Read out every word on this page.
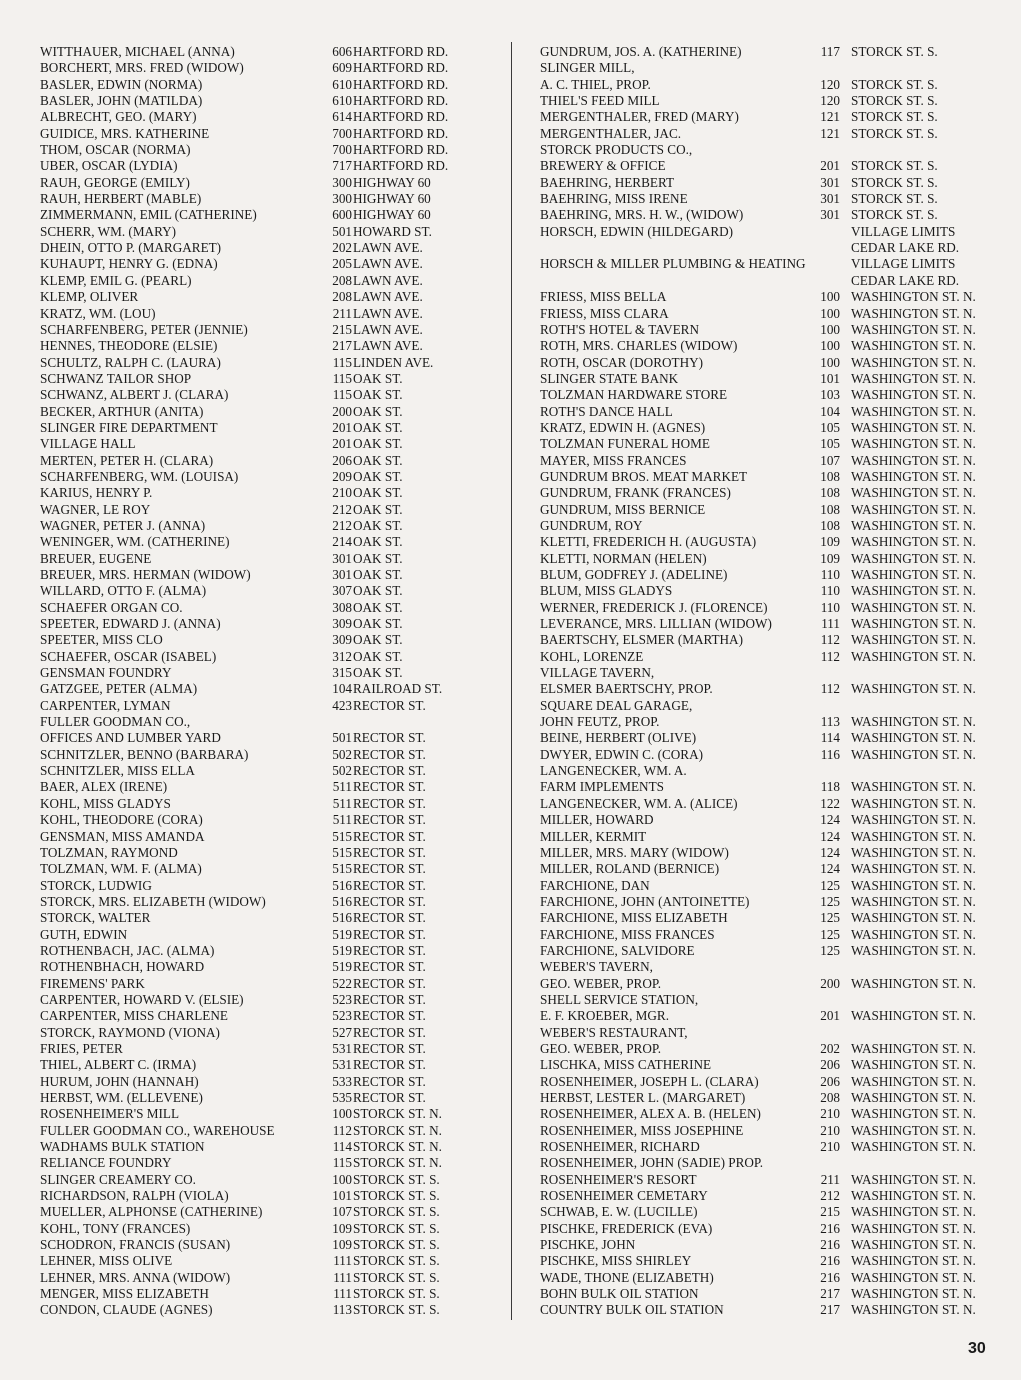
WITTHAUER, MICHAEL (ANNA)	606 HARTFORD RD.
BORCHERT, MRS. FRED (WIDOW)	609 HARTFORD RD.
BASLER, EDWIN (NORMA)	610 HARTFORD RD.
BASLER, JOHN (MATILDA)	610 HARTFORD RD.
ALBRECHT, GEO. (MARY)	614 HARTFORD RD.
GUIDICE, MRS. KATHERINE	700 HARTFORD RD.
THOM, OSCAR (NORMA)	700 HARTFORD RD.
UBER, OSCAR (LYDIA)	717 HARTFORD RD.
RAUH, GEORGE (EMILY)	300 HIGHWAY 60
RAUH, HERBERT (MABLE)	300 HIGHWAY 60
ZIMMERMANN, EMIL (CATHERINE)	600 HIGHWAY 60
SCHERR, WM. (MARY)	501 HOWARD ST.
DHEIN, OTTO P. (MARGARET)	202 LAWN AVE.
KUHAUPT, HENRY G. (EDNA)	205 LAWN AVE.
KLEMP, EMIL G. (PEARL)	208 LAWN AVE.
KLEMP, OLIVER	208 LAWN AVE.
KRATZ, WM. (LOU)	211 LAWN AVE.
SCHARFENBERG, PETER (JENNIE)	215 LAWN AVE.
HENNES, THEODORE (ELSIE)	217 LAWN AVE.
SCHULTZ, RALPH C. (LAURA)	115 LINDEN AVE.
SCHWANZ TAILOR SHOP	115 OAK ST.
SCHWANZ, ALBERT J. (CLARA)	115 OAK ST.
BECKER, ARTHUR (ANITA)	200 OAK ST.
SLINGER FIRE DEPARTMENT	201 OAK ST.
VILLAGE HALL	201 OAK ST.
MERTEN, PETER H. (CLARA)	206 OAK ST.
SCHARFENBERG, WM. (LOUISA)	209 OAK ST.
KARIUS, HENRY P.	210 OAK ST.
WAGNER, LE ROY	212 OAK ST.
WAGNER, PETER J. (ANNA)	212 OAK ST.
WENINGER, WM. (CATHERINE)	214 OAK ST.
BREUER, EUGENE	301 OAK ST.
BREUER, MRS. HERMAN (WIDOW)	301 OAK ST.
WILLARD, OTTO F. (ALMA)	307 OAK ST.
SCHAEFER ORGAN CO.	308 OAK ST.
SPEETER, EDWARD J. (ANNA)	309 OAK ST.
SPEETER, MISS CLO	309 OAK ST.
SCHAEFER, OSCAR (ISABEL)	312 OAK ST.
GENSMAN FOUNDRY	315 OAK ST.
GATZGEE, PETER (ALMA)	104 RAILROAD ST.
CARPENTER, LYMAN	423 RECTOR ST.
FULLER GOODMAN CO.,
OFFICES AND LUMBER YARD	501 RECTOR ST.
SCHNITZLER, BENNO (BARBARA)	502 RECTOR ST.
SCHNITZLER, MISS ELLA	502 RECTOR ST.
BAER, ALEX (IRENE)	511 RECTOR ST.
KOHL, MISS GLADYS	511 RECTOR ST.
KOHL, THEODORE (CORA)	511 RECTOR ST.
GENSMAN, MISS AMANDA	515 RECTOR ST.
TOLZMAN, RAYMOND	515 RECTOR ST.
TOLZMAN, WM. F. (ALMA)	515 RECTOR ST.
STORCK, LUDWIG	516 RECTOR ST.
STORCK, MRS. ELIZABETH (WIDOW)	516 RECTOR ST.
STORCK, WALTER	516 RECTOR ST.
GUTH, EDWIN	519 RECTOR ST.
ROTHENBACH, JAC. (ALMA)	519 RECTOR ST.
ROTHENBHACH, HOWARD	519 RECTOR ST.
FIREMENS' PARK	522 RECTOR ST.
CARPENTER, HOWARD V. (ELSIE)	523 RECTOR ST.
CARPENTER, MISS CHARLENE	523 RECTOR ST.
STORCK, RAYMOND (VIONA)	527 RECTOR ST.
FRIES, PETER	531 RECTOR ST.
THIEL, ALBERT C. (IRMA)	531 RECTOR ST.
HURUM, JOHN (HANNAH)	533 RECTOR ST.
HERBST, WM. (ELLEVENE)	535 RECTOR ST.
ROSENHEIMER'S MILL	100 STORCK ST. N.
FULLER GOODMAN CO., WAREHOUSE	112 STORCK ST. N.
WADHAMS BULK STATION	114 STORCK ST. N.
RELIANCE FOUNDRY	115 STORCK ST. N.
SLINGER CREAMERY CO.	100 STORCK ST. S.
RICHARDSON, RALPH (VIOLA)	101 STORCK ST. S.
MUELLER, ALPHONSE (CATHERINE)	107 STORCK ST. S.
KOHL, TONY (FRANCES)	109 STORCK ST. S.
SCHODRON, FRANCIS (SUSAN)	109 STORCK ST. S.
LEHNER, MISS OLIVE	111 STORCK ST. S.
LEHNER, MRS. ANNA (WIDOW)	111 STORCK ST. S.
MENGER, MISS ELIZABETH	111 STORCK ST. S.
CONDON, CLAUDE (AGNES)	113 STORCK ST. S.
GUNDRUM, JOS. A. (KATHERINE)	117 STORCK ST. S.
SLINGER MILL,
A. C. THIEL, PROP.	120 STORCK ST. S.
THIEL'S FEED MILL	120 STORCK ST. S.
MERGENTHALER, FRED (MARY)	121 STORCK ST. S.
MERGENTHALER, JAC.	121 STORCK ST. S.
STORCK PRODUCTS CO.,
BREWERY & OFFICE	201 STORCK ST. S.
BAEHRING, HERBERT	301 STORCK ST. S.
BAEHRING, MISS IRENE	301 STORCK ST. S.
BAEHRING, MRS. H. W., (WIDOW)	301 STORCK ST. S.
HORSCH, EDWIN (HILDEGARD)	VILLAGE LIMITS
CEDAR LAKE RD.
HORSCH & MILLER PLUMBING & HEATING	VILLAGE LIMITS
CEDAR LAKE RD.
FRIESS, MISS BELLA	100 WASHINGTON ST. N.
FRIESS, MISS CLARA	100 WASHINGTON ST. N.
ROTH'S HOTEL & TAVERN	100 WASHINGTON ST. N.
ROTH, MRS. CHARLES (WIDOW)	100 WASHINGTON ST. N.
ROTH, OSCAR (DOROTHY)	100 WASHINGTON ST. N.
SLINGER STATE BANK	101 WASHINGTON ST. N.
TOLZMAN HARDWARE STORE	103 WASHINGTON ST. N.
ROTH'S DANCE HALL	104 WASHINGTON ST. N.
KRATZ, EDWIN H. (AGNES)	105 WASHINGTON ST. N.
TOLZMAN FUNERAL HOME	105 WASHINGTON ST. N.
MAYER, MISS FRANCES	107 WASHINGTON ST. N.
GUNDRUM BROS. MEAT MARKET	108 WASHINGTON ST. N.
GUNDRUM, FRANK (FRANCES)	108 WASHINGTON ST. N.
GUNDRUM, MISS BERNICE	108 WASHINGTON ST. N.
GUNDRUM, ROY	108 WASHINGTON ST. N.
KLETTI, FREDERICH H. (AUGUSTA)	109 WASHINGTON ST. N.
KLETTI, NORMAN (HELEN)	109 WASHINGTON ST. N.
BLUM, GODFREY J. (ADELINE)	110 WASHINGTON ST. N.
BLUM, MISS GLADYS	110 WASHINGTON ST. N.
WERNER, FREDERICK J. (FLORENCE)	110 WASHINGTON ST. N.
LEVERANCE, MRS. LILLIAN (WIDOW)	111 WASHINGTON ST. N.
BAERTSCHY, ELSMER (MARTHA)	112 WASHINGTON ST. N.
KOHL, LORENZE	112 WASHINGTON ST. N.
VILLAGE TAVERN,
ELSMER BAERTSCHY, PROP.	112 WASHINGTON ST. N.
SQUARE DEAL GARAGE,
JOHN FEUTZ, PROP.	113 WASHINGTON ST. N.
BEINE, HERBERT (OLIVE)	114 WASHINGTON ST. N.
DWYER, EDWIN C. (CORA)	116 WASHINGTON ST. N.
LANGENECKER, WM. A.
FARM IMPLEMENTS	118 WASHINGTON ST. N.
LANGENECKER, WM. A. (ALICE)	122 WASHINGTON ST. N.
MILLER, HOWARD	124 WASHINGTON ST. N.
MILLER, KERMIT	124 WASHINGTON ST. N.
MILLER, MRS. MARY (WIDOW)	124 WASHINGTON ST. N.
MILLER, ROLAND (BERNICE)	124 WASHINGTON ST. N.
FARCHIONE, DAN	125 WASHINGTON ST. N.
FARCHIONE, JOHN (ANTOINETTE)	125 WASHINGTON ST. N.
FARCHIONE, MISS ELIZABETH	125 WASHINGTON ST. N.
FARCHIONE, MISS FRANCES	125 WASHINGTON ST. N.
FARCHIONE, SALVIDORE	125 WASHINGTON ST. N.
WEBER'S TAVERN,
GEO. WEBER, PROP.	200 WASHINGTON ST. N.
SHELL SERVICE STATION,
E. F. KROEBER, MGR.	201 WASHINGTON ST. N.
WEBER'S RESTAURANT,
GEO. WEBER, PROP.	202 WASHINGTON ST. N.
LISCHKA, MISS CATHERINE	206 WASHINGTON ST. N.
ROSENHEIMER, JOSEPH L. (CLARA)	206 WASHINGTON ST. N.
HERBST, LESTER L. (MARGARET)	208 WASHINGTON ST. N.
ROSENHEIMER, ALEX A. B. (HELEN)	210 WASHINGTON ST. N.
ROSENHEIMER, MISS JOSEPHINE	210 WASHINGTON ST. N.
ROSENHEIMER, RICHARD	210 WASHINGTON ST. N.
ROSENHEIMER, JOHN (SADIE) PROP.
ROSENHEIMER'S RESORT	211 WASHINGTON ST. N.
ROSENHEIMER CEMETARY	212 WASHINGTON ST. N.
SCHWAB, E. W. (LUCILLE)	215 WASHINGTON ST. N.
PISCHKE, FREDERICK (EVA)	216 WASHINGTON ST. N.
PISCHKE, JOHN	216 WASHINGTON ST. N.
PISCHKE, MISS SHIRLEY	216 WASHINGTON ST. N.
WADE, THONE (ELIZABETH)	216 WASHINGTON ST. N.
BOHN BULK OIL STATION	217 WASHINGTON ST. N.
COUNTRY BULK OIL STATION	217 WASHINGTON ST. N.
30
